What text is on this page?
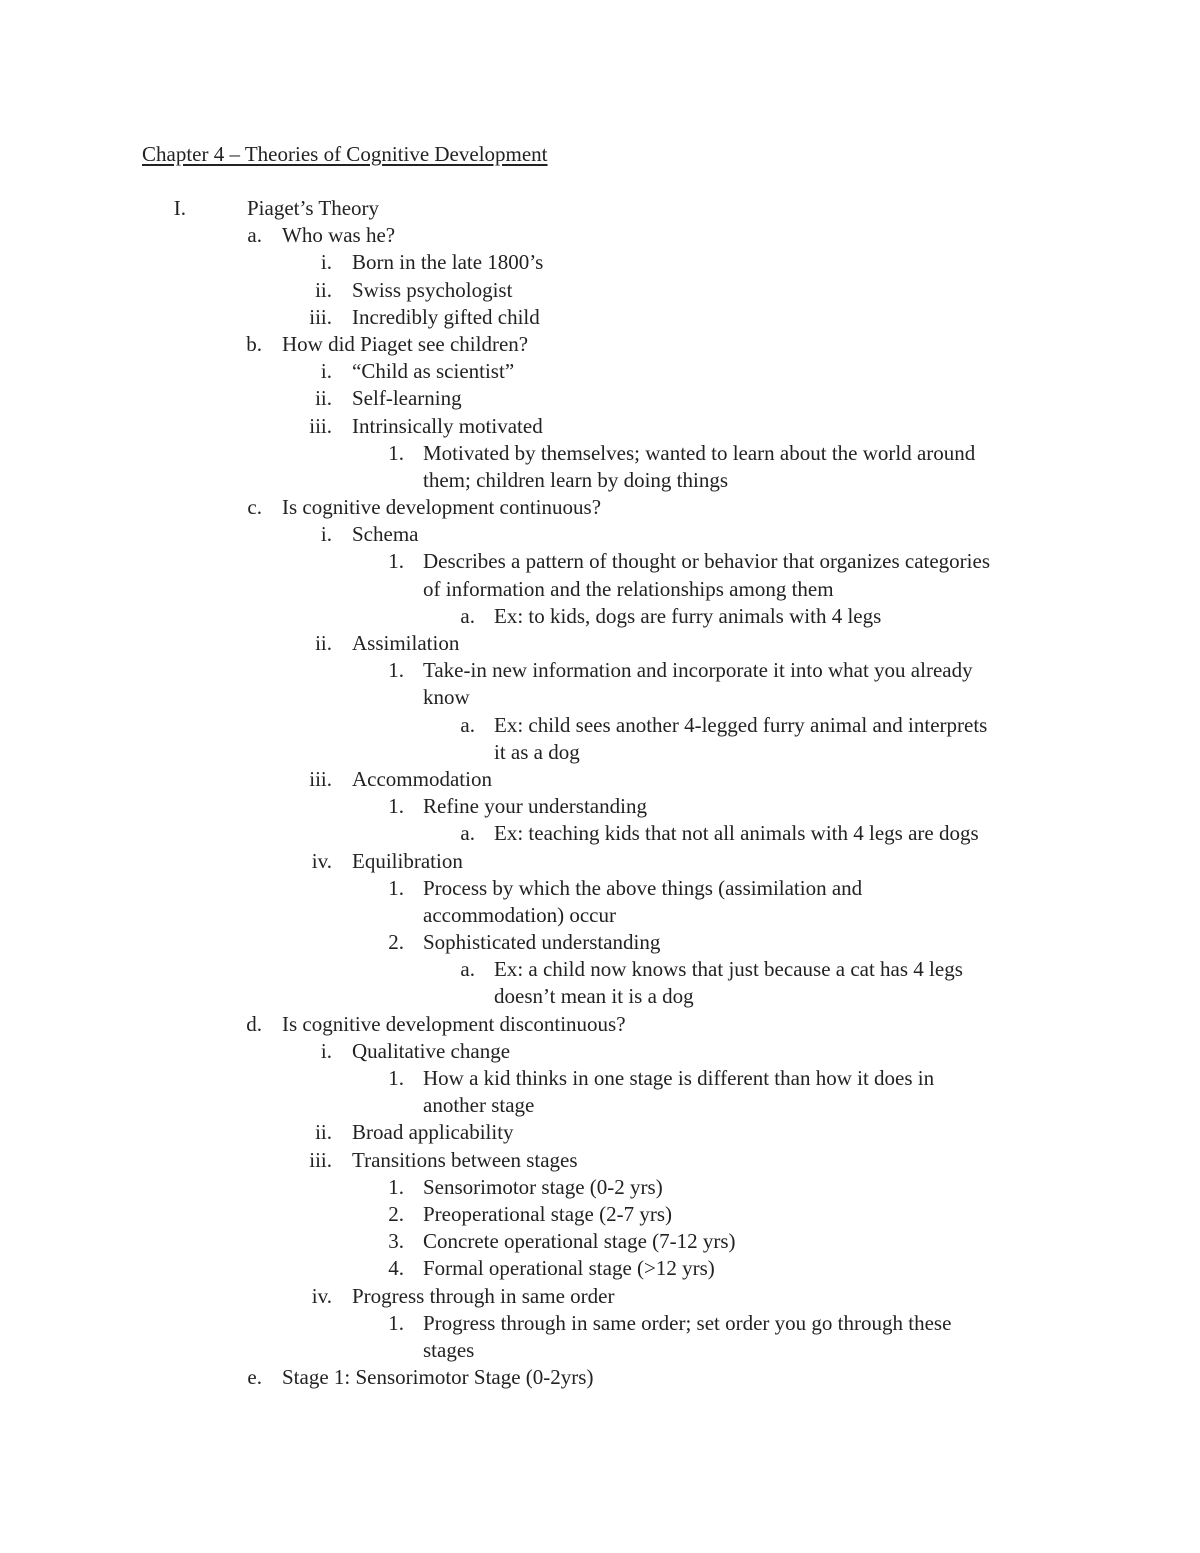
Chapter 4 – Theories of Cognitive Development
I.	Piaget’s Theory
a. Who was he?
i. Born in the late 1800’s
ii. Swiss psychologist
iii. Incredibly gifted child
b. How did Piaget see children?
i. “Child as scientist”
ii. Self-learning
iii. Intrinsically motivated
1. Motivated by themselves; wanted to learn about the world around
them; children learn by doing things
c. Is cognitive development continuous?
i. Schema
1. Describes a pattern of thought or behavior that organizes categories
of information and the relationships among them
a. Ex: to kids, dogs are furry animals with 4 legs
ii. Assimilation
1. Take-in new information and incorporate it into what you already
know
a. Ex: child sees another 4-legged furry animal and interprets
it as a dog
iii. Accommodation
1. Refine your understanding
a. Ex: teaching kids that not all animals with 4 legs are dogs
iv. Equilibration
1. Process by which the above things (assimilation and
accommodation) occur
2. Sophisticated understanding
a. Ex: a child now knows that just because a cat has 4 legs
doesn’t mean it is a dog
d. Is cognitive development discontinuous?
i. Qualitative change
1. How a kid thinks in one stage is different than how it does in
another stage
ii. Broad applicability
iii. Transitions between stages
1. Sensorimotor stage (0-2 yrs)
2. Preoperational stage (2-7 yrs)
3. Concrete operational stage (7-12 yrs)
4. Formal operational stage (>12 yrs)
iv. Progress through in same order
1. Progress through in same order; set order you go through these
stages
e. Stage 1: Sensorimotor Stage (0-2yrs)
